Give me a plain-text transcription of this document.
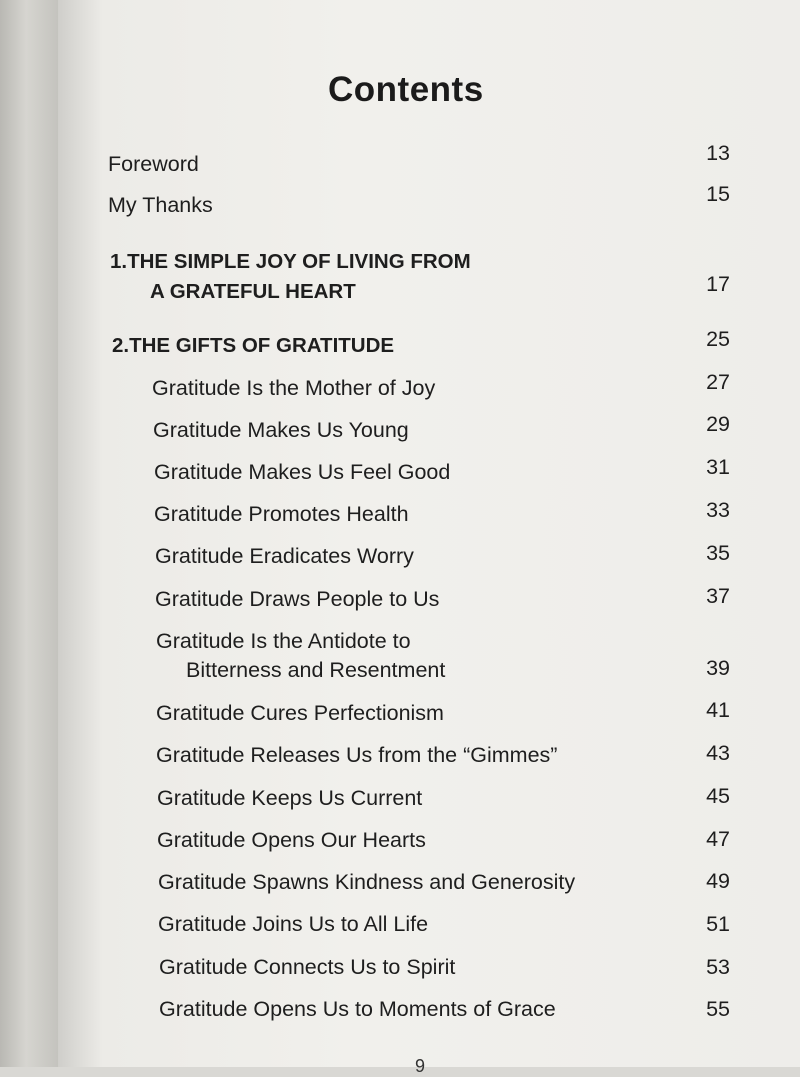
Contents
Foreword	13
My Thanks	15
1.THE SIMPLE JOY OF LIVING FROM
A GRATEFUL HEART	17
2.THE GIFTS OF GRATITUDE	25
Gratitude Is the Mother of Joy	27
Gratitude Makes Us Young	29
Gratitude Makes Us Feel Good	31
Gratitude Promotes Health	33
Gratitude Eradicates Worry	35
Gratitude Draws People to Us	37
Gratitude Is the Antidote to
Bitterness and Resentment	39
Gratitude Cures Perfectionism	41
Gratitude Releases Us from the “Gimmes”	43
Gratitude Keeps Us Current	45
Gratitude Opens Our Hearts	47
Gratitude Spawns Kindness and Generosity	49
Gratitude Joins Us to All Life	51
Gratitude Connects Us to Spirit	53
Gratitude Opens Us to Moments of Grace	55
9
